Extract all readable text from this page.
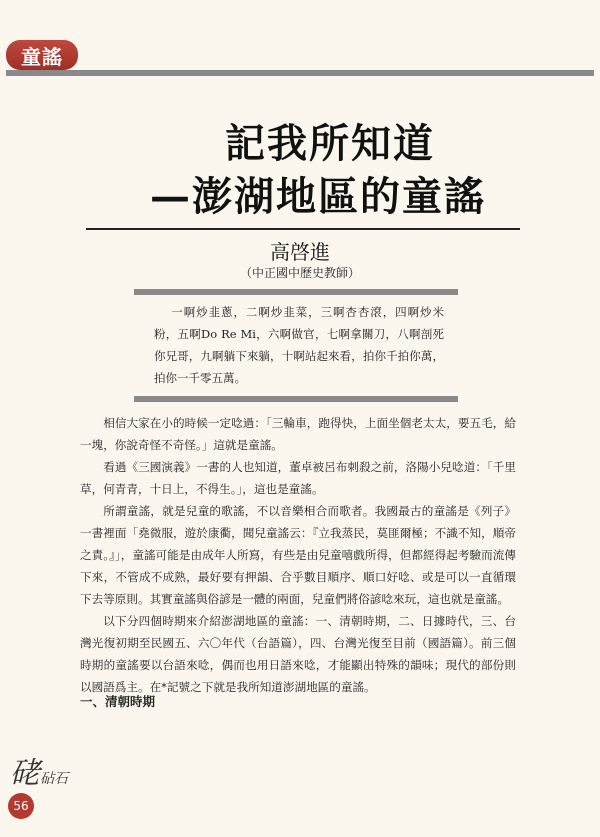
童謠
記我所知道
—澎湖地區的童謠
高啓進
（中正國中歷史教師）
一啊炒韭蔥，二啊炒韭菜，三啊杏杏滾，四啊炒米粉，五啊Do Re Mi，六啊做官，七啊拿關刀，八啊剖死你兄哥，九啊躺下來躺，十啊站起來看，拍你千拍你萬，拍你一千零五萬。

相信大家在小的時候一定唸過：「三輪車，跑得快，上面坐個老太太，要五毛，給一塊，你說奇怪不奇怪。」這就是童謠。

看過《三國演義》一書的人也知道，董卓被呂布刺殺之前，洛陽小兒唸道：「千里草，何青青，十日上，不得生。」，這也是童謠。

所謂童謠，就是兒童的歌謠，不以音樂相合而歌者。我國最古的童謠是《列子》一書裡面「堯微服，遊於康衢，聞兒童謠云：『立我蒸民，莫匪爾極；不識不知，順帝之責。』」，童謠可能是由成年人所寫，有些是由兒童嘻戲所得，但都經得起考驗而流傳下來，不管成不成熟，最好要有押韻、合乎數目順序、順口好唸、或是可以一直循環下去等原則。其實童謠與俗諺是一體的兩面，兒童們將俗諺唸來玩，這也就是童謠。

以下分四個時期來介紹澎湖地區的童謠：一、清朝時期，二、日據時代，三、台灣光復初期至民國五、六〇年代（台語篇），四、台灣光復至目前（國語篇）。前三個時期的童謠要以台語來唸，偶而也用日語來唸，才能顯出特殊的韻味；現代的部份則以國語爲主。在*記號之下就是我所知道澎湖地區的童謠。

一、清朝時期
硓砧石
56
